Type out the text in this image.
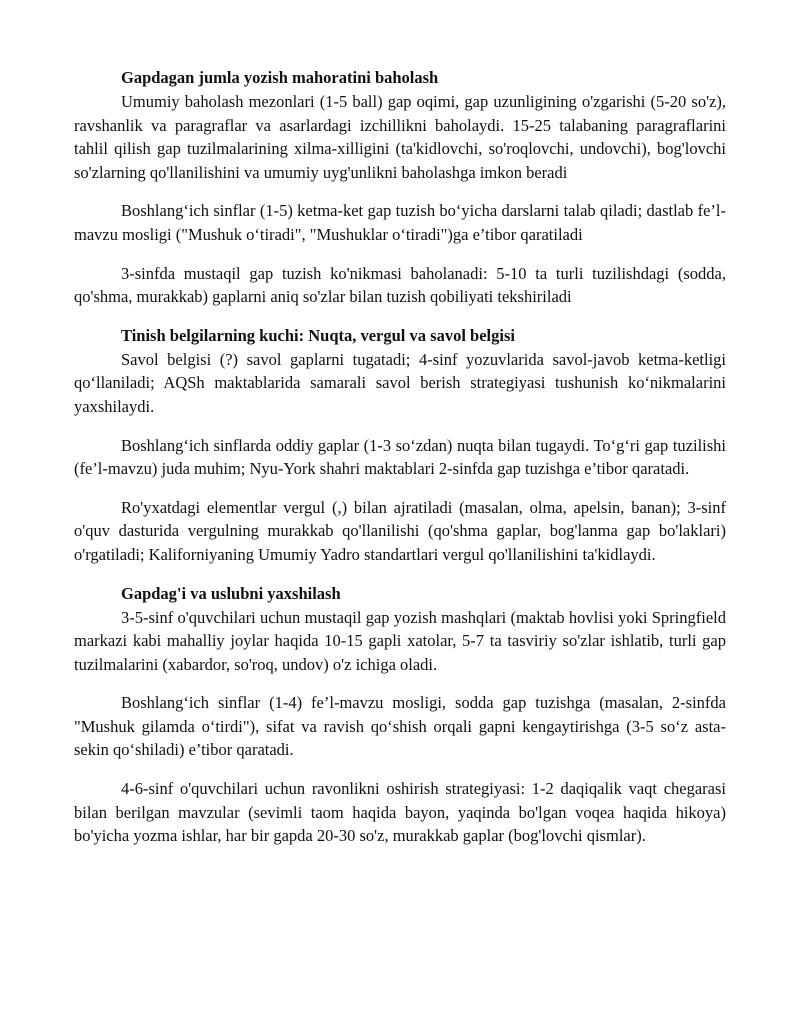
Gapdagan jumla yozish mahoratini baholash

Umumiy baholash mezonlari (1-5 ball) gap oqimi, gap uzunligining o'zgarishi (5-20 so'z), ravshanlik va paragraflar va asarlardagi izchillikni baholaydi. 15-25 talabaning paragraflarini tahlil qilish gap tuzilmalarining xilma-xilligini (ta'kidlovchi, so'roqlovchi, undovchi), bog'lovchi so'zlarning qo'llanilishini va umumiy uyg'unlikni baholashga imkon beradi

Boshlang‘ich sinflar (1-5) ketma-ket gap tuzish bo‘yicha darslarni talab qiladi; dastlab fe’l-mavzu mosligi ("Mushuk o‘tiradi", "Mushuklar o‘tiradi")ga e’tibor qaratiladi

3-sinfda mustaqil gap tuzish ko'nikmasi baholanadi: 5-10 ta turli tuzilishdagi (sodda, qo'shma, murakkab) gaplarni aniq so'zlar bilan tuzish qobiliyati tekshiriladi

Tinish belgilarning kuchi: Nuqta, vergul va savol belgisi

Savol belgisi (?) savol gaplarni tugatadi; 4-sinf yozuvlarida savol-javob ketma-ketligi qo‘llaniladi; AQSh maktablarida samarali savol berish strategiyasi tushunish ko‘nikmalarini yaxshilaydi.

Boshlang‘ich sinflarda oddiy gaplar (1-3 so‘zdan) nuqta bilan tugaydi. To‘g‘ri gap tuzilishi (fe’l-mavzu) juda muhim; Nyu-York shahri maktablari 2-sinfda gap tuzishga e’tibor qaratadi.

Ro'yxatdagi elementlar vergul (,) bilan ajratiladi (masalan, olma, apelsin, banan); 3-sinf o'quv dasturida vergulning murakkab qo'llanilishi (qo'shma gaplar, bog'lanma gap bo'laklari) o'rgatiladi; Kaliforniyaning Umumiy Yadro standartlari vergul qo'llanilishini ta'kidlaydi.

Gapdag'i va uslubni yaxshilash

3-5-sinf o'quvchilari uchun mustaqil gap yozish mashqlari (maktab hovlisi yoki Springfield markazi kabi mahalliy joylar haqida 10-15 gapli xatolar, 5-7 ta tasviriy so'zlar ishlatib, turli gap tuzilmalarini (xabardor, so'roq, undov) o'z ichiga oladi.

Boshlang‘ich sinflar (1-4) fe’l-mavzu mosligi, sodda gap tuzishga (masalan, 2-sinfda "Mushuk gilamda o‘tirdi"), sifat va ravish qo‘shish orqali gapni kengaytirishga (3-5 so‘z asta-sekin qo‘shiladi) e’tibor qaratadi.

4-6-sinf o'quvchilari uchun ravonlikni oshirish strategiyasi: 1-2 daqiqalik vaqt chegarasi bilan berilgan mavzular (sevimli taom haqida bayon, yaqinda bo'lgan voqea haqida hikoya) bo'yicha yozma ishlar, har bir gapda 20-30 so'z, murakkab gaplar (bog'lovchi qismlar).
